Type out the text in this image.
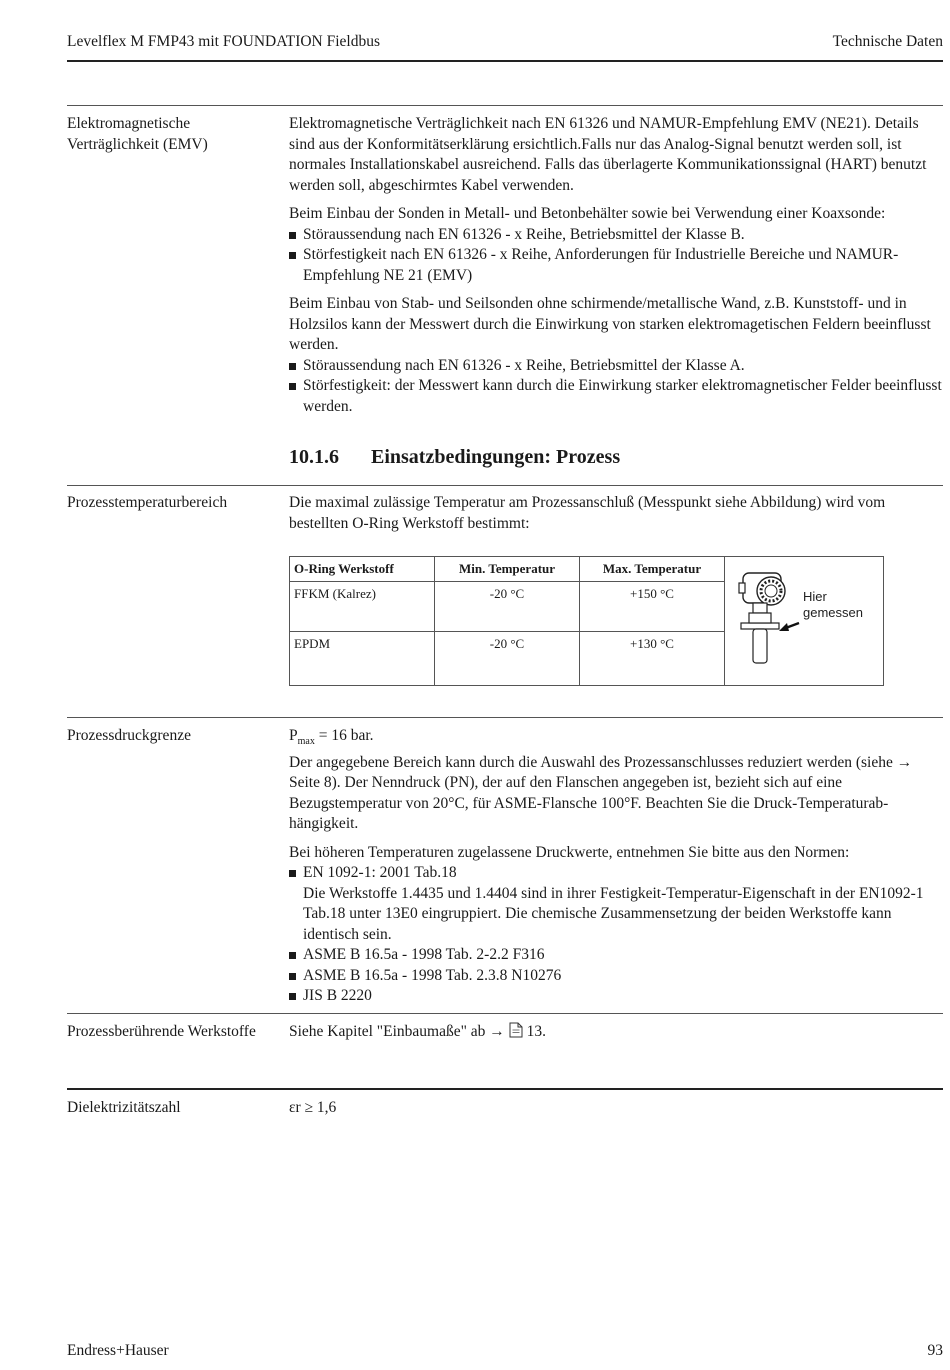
Levelflex M FMP43 mit FOUNDATION Fieldbus	Technische Daten
Elektromagnetische Verträglichkeit (EMV)

Elektromagnetische Verträglichkeit nach EN 61326 und NAMUR-Empfehlung EMV (NE21). Details sind aus der Konformitätserklärung ersichtlich.Falls nur das Analog-Signal benutzt werden soll, ist normales Installationskabel ausreichend. Falls das überlagerte Kommunikationssignal (HART) benutzt werden soll, abgeschirmtes Kabel verwenden.

Beim Einbau der Sonden in Metall- und Betonbehälter sowie bei Verwendung einer Koaxsonde:

Störaussendung nach EN 61326 - x Reihe, Betriebsmittel der Klasse B.
Störfestigkeit nach EN 61326 - x Reihe, Anforderungen für Industrielle Bereiche und NAMUR-Empfehlung NE 21 (EMV)

Beim Einbau von Stab- und Seilsonden ohne schirmende/metallische Wand, z.B. Kunststoff- und in Holzsilos kann der Messwert durch die Einwirkung von starken elektromagetischen Feldern beeinflusst werden.

Störaussendung nach EN 61326 - x Reihe, Betriebsmittel der Klasse A.
Störfestigkeit: der Messwert kann durch die Einwirkung starker elektromagnetischer Felder beeinflusst werden.
10.1.6 Einsatzbedingungen: Prozess
Prozesstemperaturbereich	Die maximal zulässige Temperatur am Prozessanschluß (Messpunkt siehe Abbildung) wird vom bestellten O-Ring Werkstoff bestimmt:
O-Ring Werkstoff	Min. Temperatur	Max. Temperatur	Hier
gemessen

FFKM (Kalrez)	-20 °C	+150 °C	
EPDM	-20 °C	+130 °C	
Prozessdruckgrenze	$P_{max} = 16$ bar.

Der angegebene Bereich kann durch die Auswahl des Prozessanschlusses reduziert werden (siehe → Seite 8). Der Nenndruck (PN), der auf den Flanschen angegeben ist, bezieht sich auf eine Bezugstemperatur von 20°C, für ASME-Flansche 100°F. Beachten Sie die Druck-Temperaturab-hängigkeit.

Bei höheren Temperaturen zugelassene Druckwerte, entnehmen Sie bitte aus den Normen:

EN 1092-1: 2001 Tab.18
Die Werkstoffe 1.4435 und 1.4404 sind in ihrer Festigkeit-Temperatur-Eigenschaft in der EN1092-1 Tab.18 unter 13E0 eingruppiert. Die chemische Zusammensetzung der beiden Werkstoffe kann identisch sein.
ASME B 16.5a - 1998 Tab. 2-2.2 F316
ASME B 16.5a - 1998 Tab. 2.3.8 N10276
JIS B 2220
Prozessberührende Werkstoffe	Siehe Kapitel "Einbaumaße" ab → 13.
Dielektrizitätszahl	εr ≥ 1,6
Endress+Hauser	93
